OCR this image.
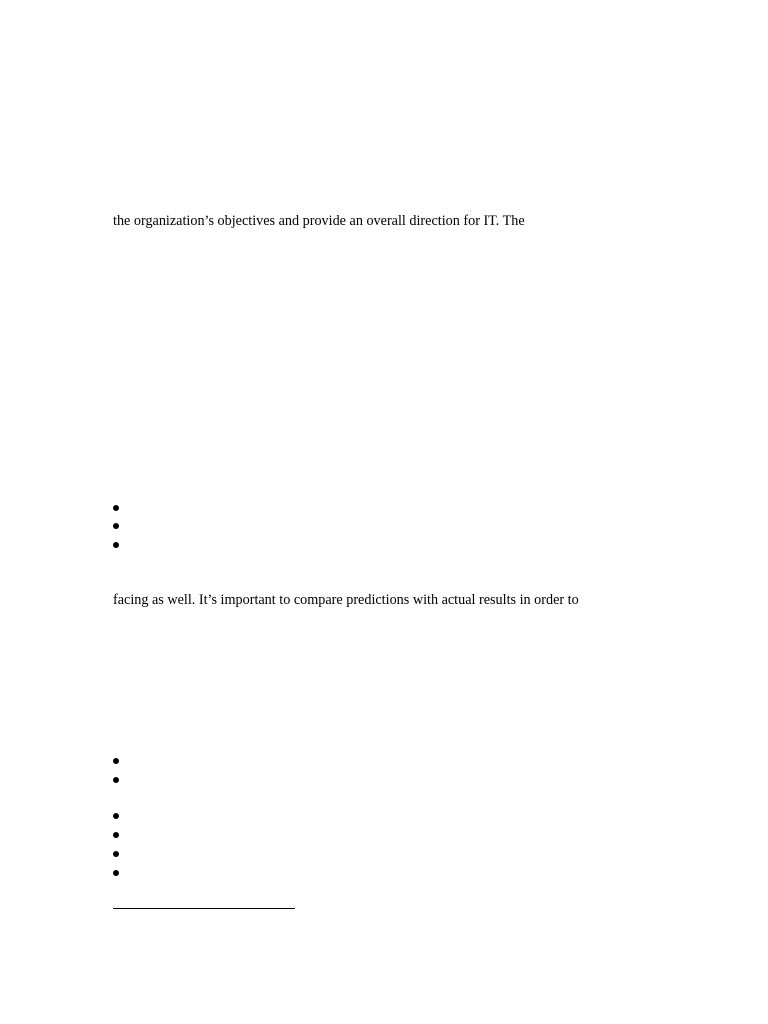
the organization’s objectives and provide an overall direction for IT. The

facing as well. It’s important to compare predictions with actual results in order to
